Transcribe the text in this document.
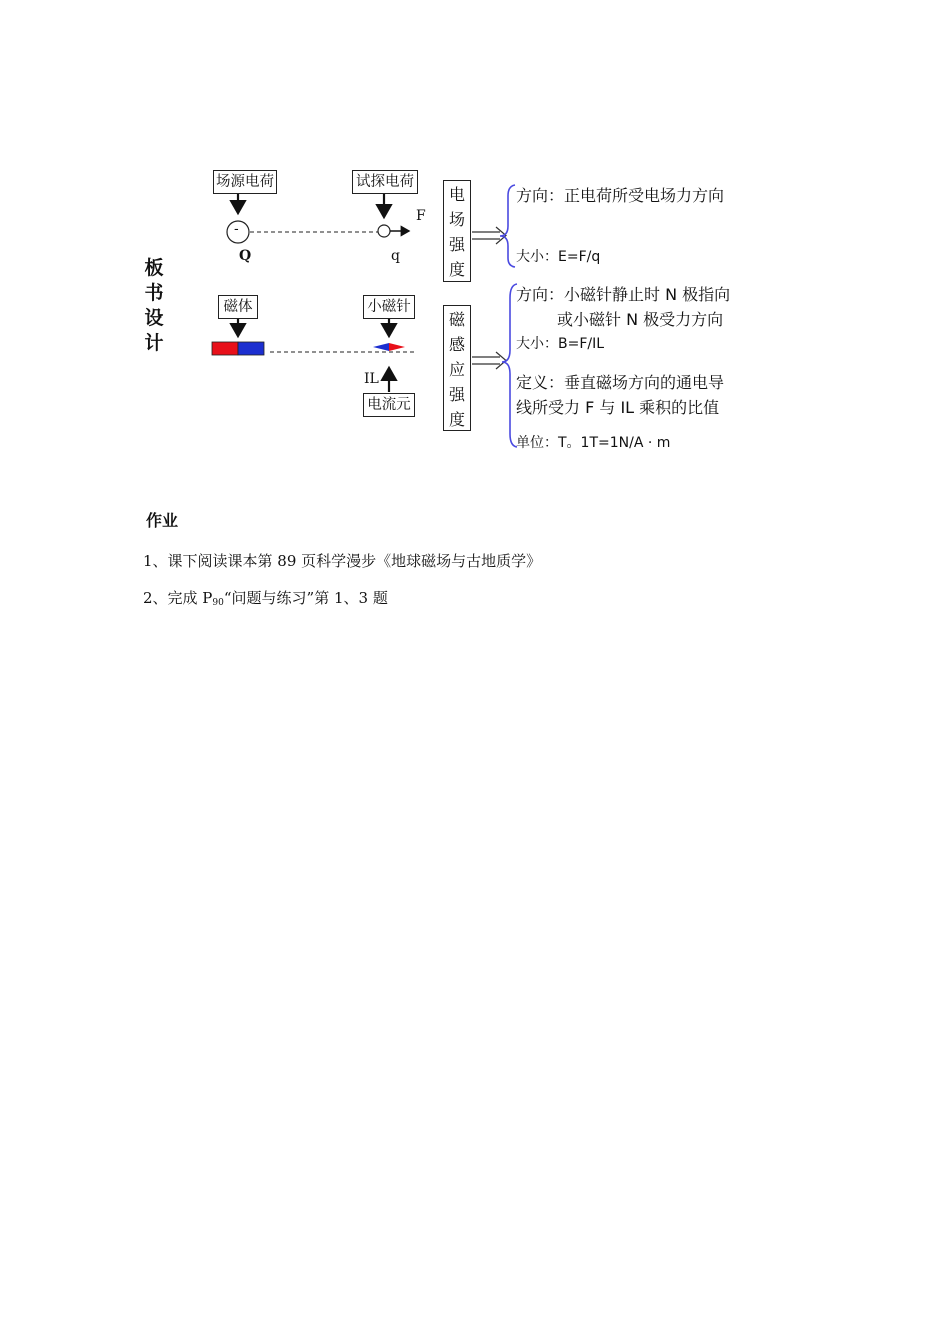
板
书
设
计
场源电荷	试探电荷
-
Q	q
F
电
场
强
度
方向：正电荷所受电场力方向
大小：E=F/q
磁体	小磁针
IL
电流元
磁
感
应
强
度
方向：小磁针静止时 N 极指向
或小磁针 N 极受力方向
大小：B=F/IL
定义：垂直磁场方向的通电导
线所受力 F 与 IL 乘积的比值
单位：T。1T=1N/A · m
作业
1、课下阅读课本第 89 页科学漫步《地球磁场与古地质学》
2、完成 $P_{90}“$问题与练习”第 1、3 题
